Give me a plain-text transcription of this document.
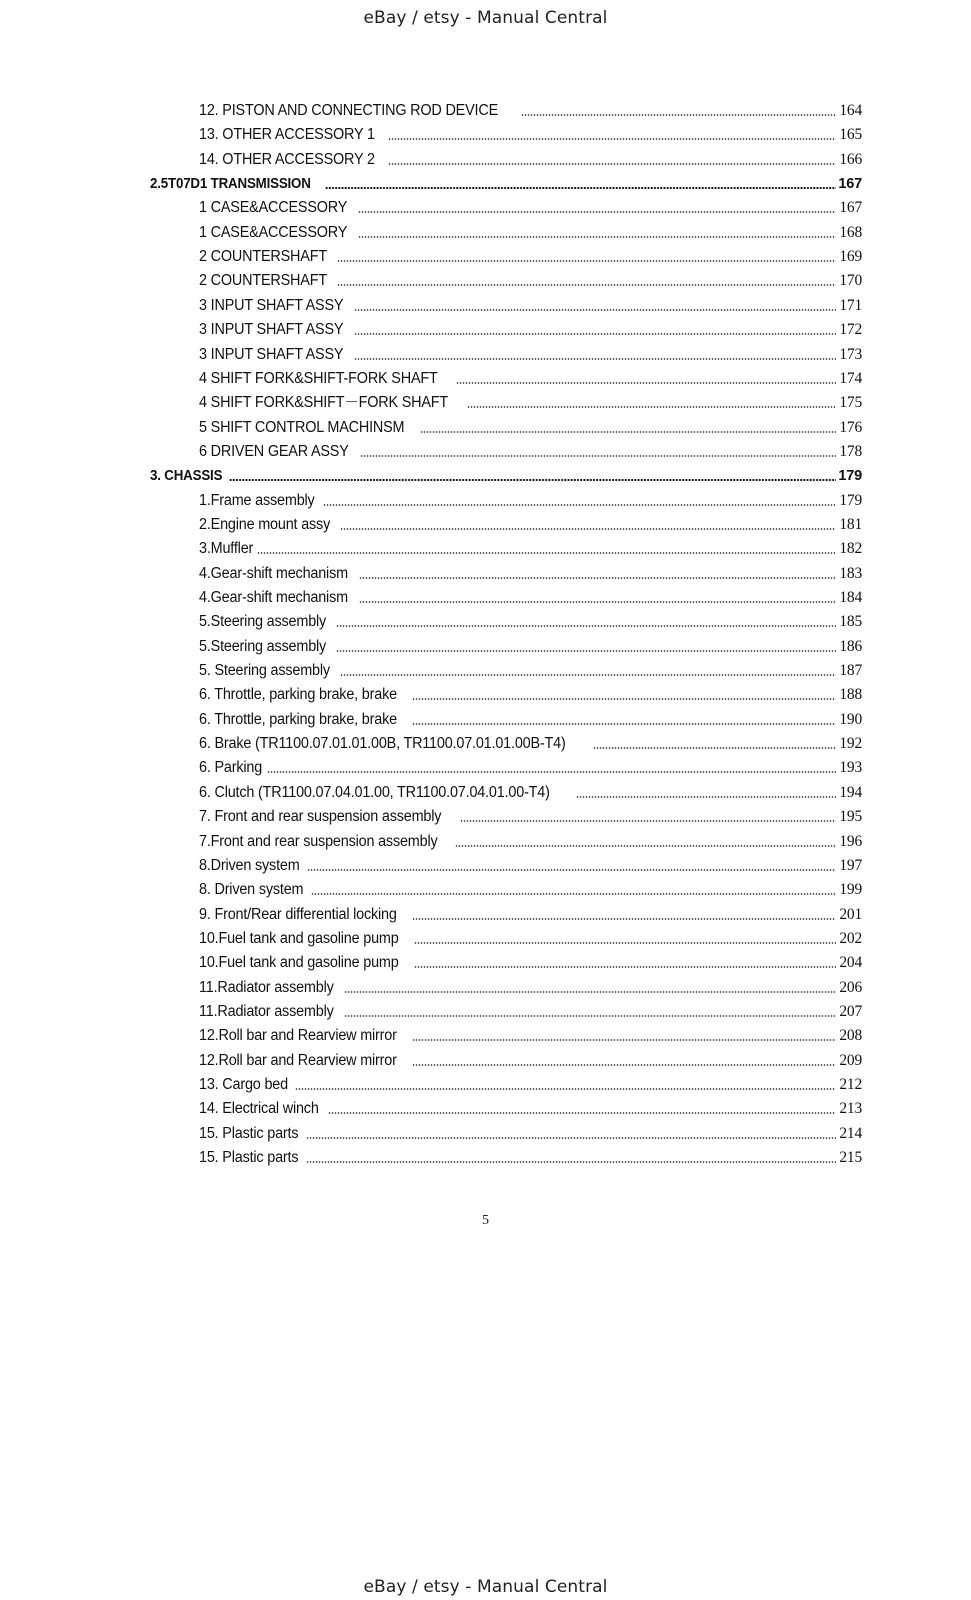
eBay / etsy - Manual Central
12. PISTON AND CONNECTING ROD DEVICE	164
13. OTHER ACCESSORY 1	165
14. OTHER ACCESSORY 2	166
2.5T07D1 TRANSMISSION	167
1 CASE&ACCESSORY	167
1 CASE&ACCESSORY	168
2 COUNTERSHAFT	169
2 COUNTERSHAFT	170
3 INPUT SHAFT ASSY	171
3 INPUT SHAFT ASSY	172
3 INPUT SHAFT ASSY	173
4 SHIFT FORK&SHIFT-FORK SHAFT	174
4 SHIFT FORK&SHIFT－FORK SHAFT	175
5 SHIFT CONTROL MACHINSM	176
6 DRIVEN GEAR ASSY	178
3. CHASSIS	179
1.Frame assembly	179
2.Engine mount assy	181
3.Muffler	182
4.Gear-shift mechanism	183
4.Gear-shift mechanism	184
5.Steering assembly	185
5.Steering assembly	186
5. Steering assembly	187
6. Throttle, parking brake, brake	188
6. Throttle, parking brake, brake	190
6. Brake (TR1100.07.01.01.00B, TR1100.07.01.01.00B-T4)	192
6. Parking	193
6. Clutch (TR1100.07.04.01.00, TR1100.07.04.01.00-T4)	194
7. Front and rear suspension assembly	195
7.Front and rear suspension assembly	196
8.Driven system	197
8. Driven system	199
9. Front/Rear differential locking	201
10.Fuel tank and gasoline pump	202
10.Fuel tank and gasoline pump	204
11.Radiator assembly	206
11.Radiator assembly	207
12.Roll bar and Rearview mirror	208
12.Roll bar and Rearview mirror	209
13. Cargo bed	212
14. Electrical winch	213
15. Plastic parts	214
15. Plastic parts	215
5
eBay / etsy - Manual Central
